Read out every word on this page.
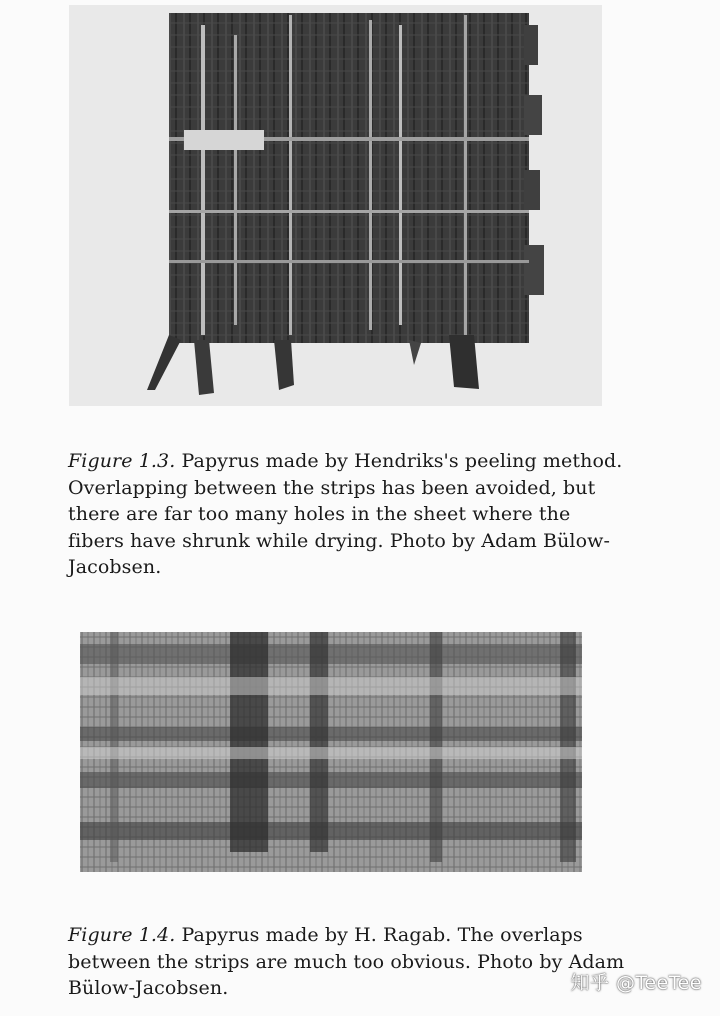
Figure 1.3. Papyrus made by Hendriks's peeling method. Overlapping between the strips has been avoided, but there are far too many holes in the sheet where the fibers have shrunk while drying. Photo by Adam Bülow-Jacobsen.
Figure 1.4. Papyrus made by H. Ragab. The overlaps between the strips are much too obvious. Photo by Adam Bülow-Jacobsen.	知乎 @TeeTee
